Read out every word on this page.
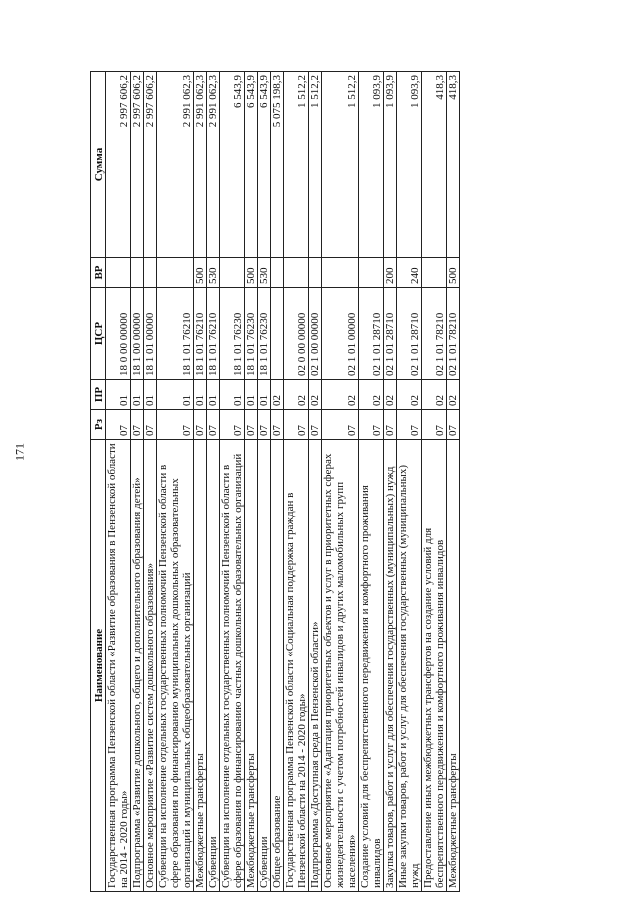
171
Наименование	Рз	ПР	ЦСР	ВР	Сумма
Государственная программа Пензенской области «Развитие образования в Пензенской области на 2014 - 2020 годы»	07	01	18 0 00 00000		2 997 606,2
Подпрограмма «Развитие дошкольного, общего и дополнительного образования детей»	07	01	18 1 00 00000		2 997 606,2
Основное мероприятие «Развитие систем дошкольного образования»	07	01	18 1 01 00000		2 997 606,2
Субвенции на исполнение отдельных государственных полномочий Пензенской области в сфере образования по финансированию муниципальных дошкольных образовательных организаций и муниципальных общеобразовательных организаций	07	01	18 1 01 76210		2 991 062,3
Межбюджетные трансферты	07	01	18 1 01 76210	500	2 991 062,3
Субвенции	07	01	18 1 01 76210	530	2 991 062,3
Субвенции на исполнение отдельных государственных полномочий Пензенской области в сфере образования по финансированию частных дошкольных образовательных организаций	07	01	18 1 01 76230		6 543,9
Межбюджетные трансферты	07	01	18 1 01 76230	500	6 543,9
Субвенции	07	01	18 1 01 76230	530	6 543,9
Общее образование	07	02			5 075 198,3
Государственная программа Пензенской области «Социальная поддержка граждан в Пензенской области на 2014 - 2020 годы»	07	02	02 0 00 00000		1 512,2
Подпрограмма «Доступная среда в Пензенской области»	07	02	02 1 00 00000		1 512,2
Основное мероприятие «Адаптация приоритетных объектов и услуг в приоритетных сферах жизнедеятельности с учетом потребностей инвалидов и других маломобильных групп населения»	07	02	02 1 01 00000		1 512,2
Создание условий для беспрепятственного передвижения и комфортного проживания инвалидов	07	02	02 1 01 28710		1 093,9
Закупка товаров, работ и услуг для обеспечения государственных (муниципальных) нужд	07	02	02 1 01 28710	200	1 093,9
Иные закупки товаров, работ и услуг для обеспечения государственных (муниципальных) нужд	07	02	02 1 01 28710	240	1 093,9
Предоставление иных межбюджетных трансфертов на создание условий для беспрепятственного передвижения и комфортного проживания инвалидов	07	02	02 1 01 78210		418,3
Межбюджетные трансферты	07	02	02 1 01 78210	500	418,3
